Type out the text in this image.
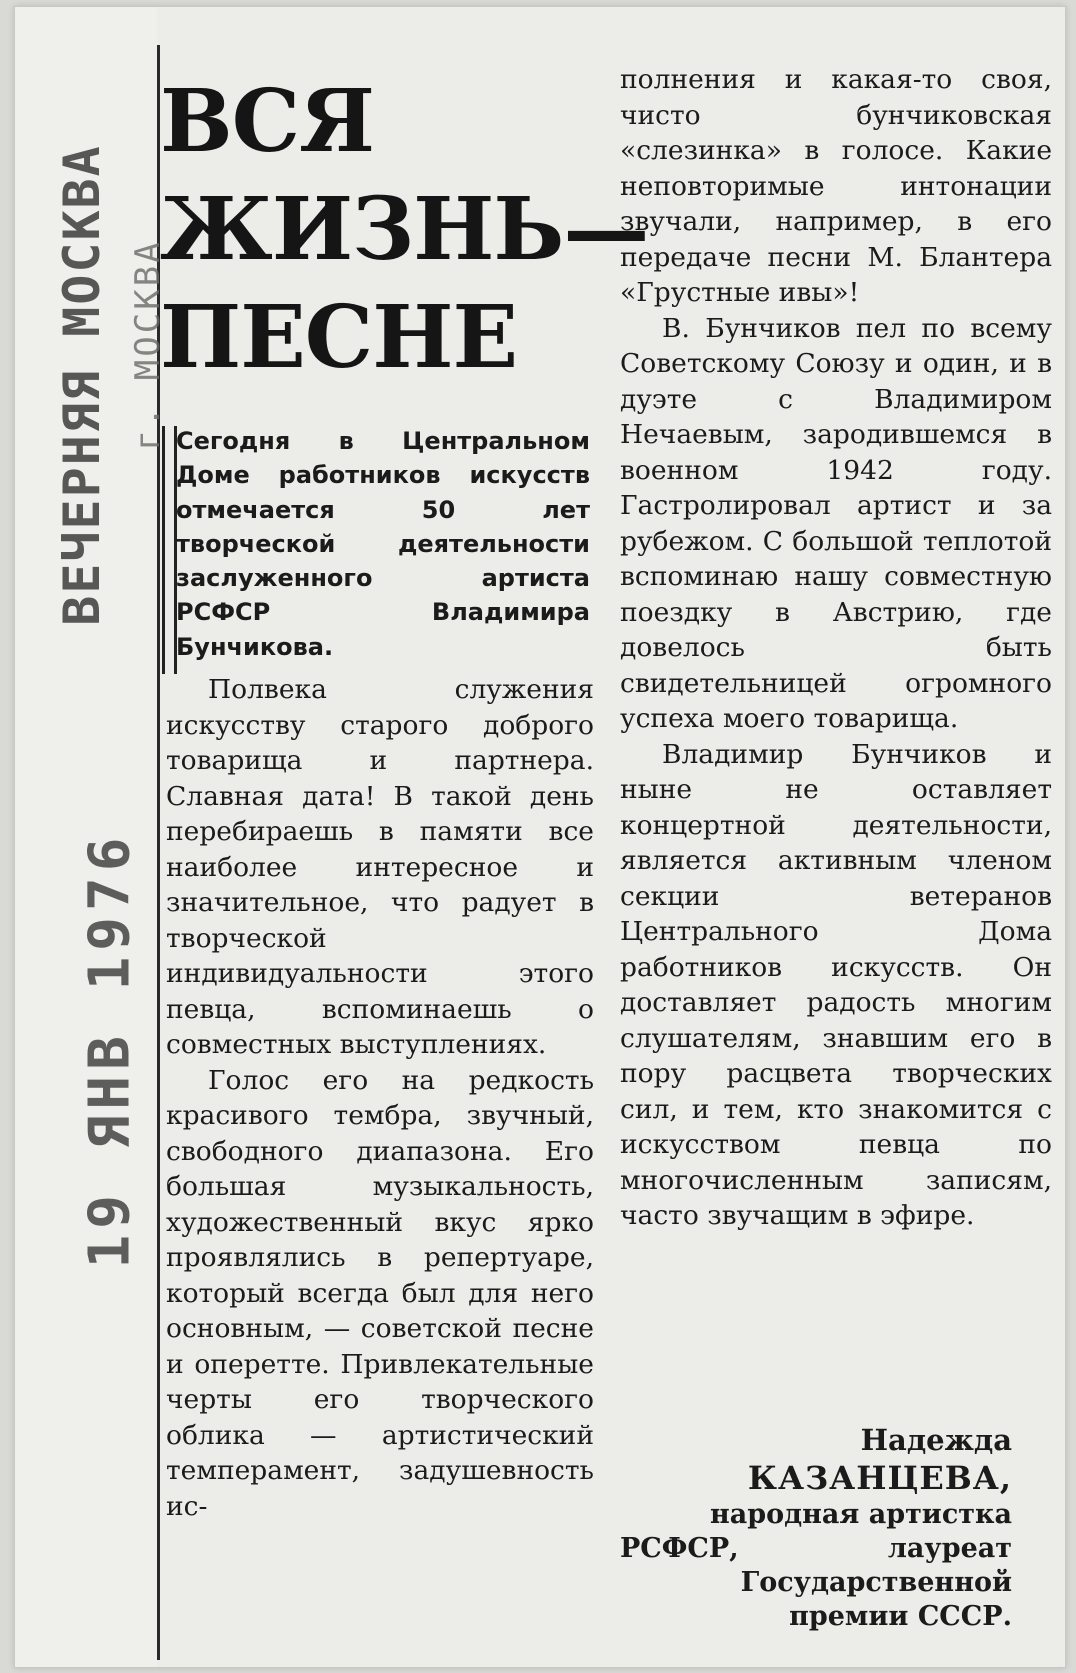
ВЕЧЕРНЯЯ МОСКВА г. МОСКВА
19 ЯНВ 1976
ВСЯ
ЖИЗНЬ—
ПЕСНЕ
Сегодня в Центральном Доме работников искусств отмечается 50 лет творческой деятельности заслуженного артиста РСФСР Владимира Бунчикова.

Полвека служения искусству старого доброго товарища и партнера. Славная дата! В такой день перебираешь в памяти все наиболее интересное и значительное, что радует в творческой индивидуальности этого певца, вспоминаешь о совместных выступлениях.

Голос его на редкость красивого тембра, звучный, свободного диапазона. Его большая музыкальность, художественный вкус ярко проявлялись в репертуаре, который всегда был для него основным, — советской песне и оперетте. Привлекательные черты его творческого облика — артистический темперамент, задушевность ис-

полнения и какая-то своя, чисто бунчиковская «слезинка» в голосе. Какие неповторимые интонации звучали, например, в его передаче песни М. Блантера «Грустные ивы»!

В. Бунчиков пел по всему Советскому Союзу и один, и в дуэте с Владимиром Нечаевым, зародившемся в военном 1942 году. Гастролировал артист и за рубежом. С большой теплотой вспоминаю нашу совместную поездку в Австрию, где довелось быть свидетельницей огромного успеха моего товарища.

Владимир Бунчиков и ныне не оставляет концертной деятельности, является активным членом секции ветеранов Центрального Дома работников искусств. Он доставляет радость многим слушателям, знавшим его в пору расцвета творческих сил, и тем, кто знакомится с искусством певца по многочисленным записям, часто звучащим в эфире.

Надежда
КАЗАНЦЕВА,
народная артистка
РСФСР, лауреат
Государственной
премии СССР.
